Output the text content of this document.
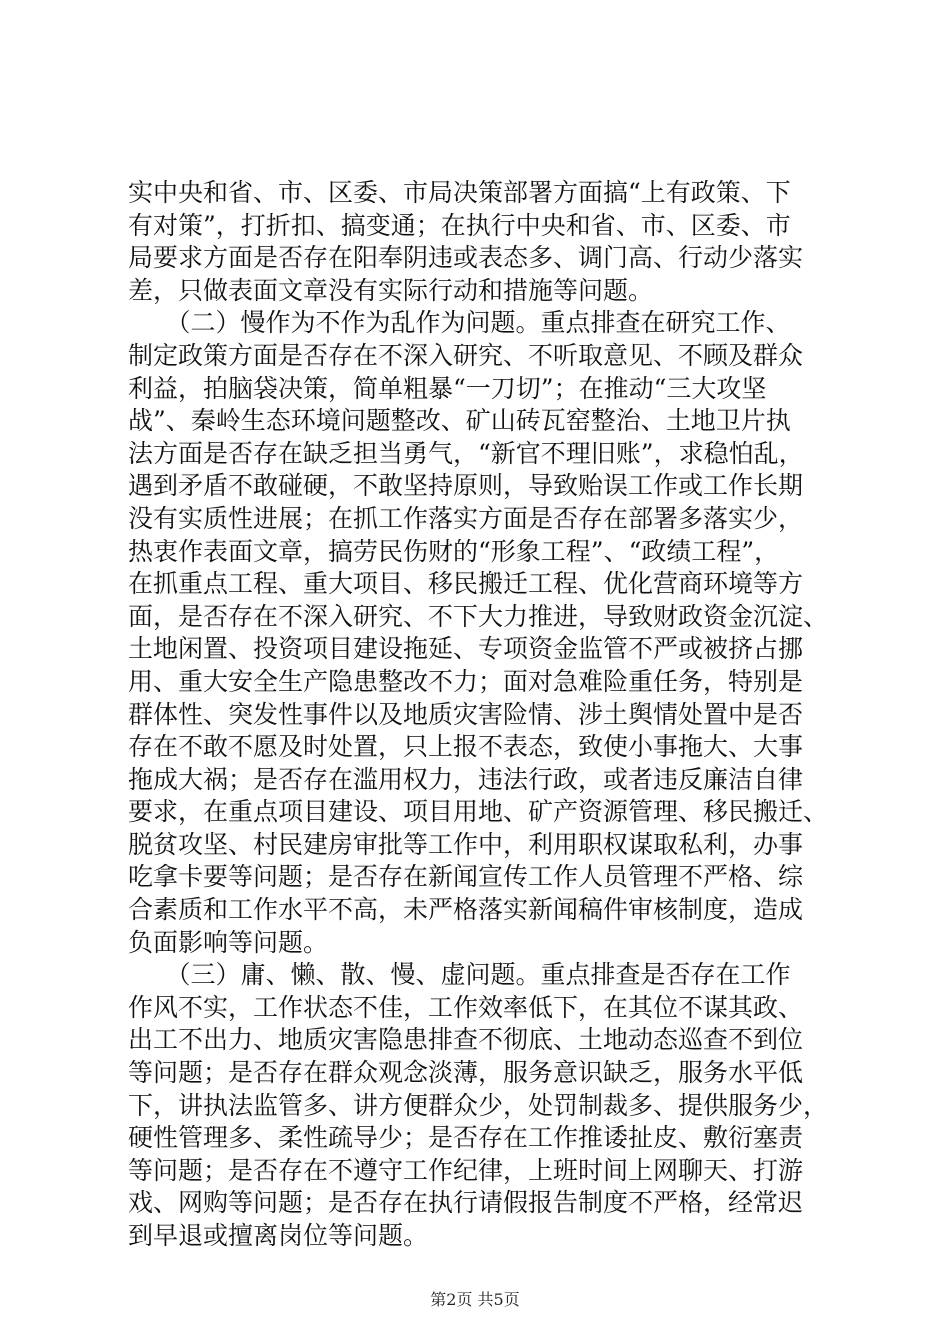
实中央和省、市、区委、市局决策部署方面搞“上有政策、下
有对策”，打折扣、搞变通；在执行中央和省、市、区委、市
局要求方面是否存在阳奉阴违或表态多、调门高、行动少落实
差，只做表面文章没有实际行动和措施等问题。
　　（二）慢作为不作为乱作为问题。重点排查在研究工作、
制定政策方面是否存在不深入研究、不听取意见、不顾及群众
利益，拍脑袋决策，简单粗暴“一刀切”；在推动“三大攻坚
战”、秦岭生态环境问题整改、矿山砖瓦窑整治、土地卫片执
法方面是否存在缺乏担当勇气，“新官不理旧账”，求稳怕乱，
遇到矛盾不敢碰硬，不敢坚持原则，导致贻误工作或工作长期
没有实质性进展；在抓工作落实方面是否存在部署多落实少，
热衷作表面文章，搞劳民伤财的“形象工程”、“政绩工程”，
在抓重点工程、重大项目、移民搬迁工程、优化营商环境等方
面，是否存在不深入研究、不下大力推进，导致财政资金沉淀、
土地闲置、投资项目建设拖延、专项资金监管不严或被挤占挪
用、重大安全生产隐患整改不力；面对急难险重任务，特别是
群体性、突发性事件以及地质灾害险情、涉土舆情处置中是否
存在不敢不愿及时处置，只上报不表态，致使小事拖大、大事
拖成大祸；是否存在滥用权力，违法行政，或者违反廉洁自律
要求，在重点项目建设、项目用地、矿产资源管理、移民搬迁、
脱贫攻坚、村民建房审批等工作中，利用职权谋取私利，办事
吃拿卡要等问题；是否存在新闻宣传工作人员管理不严格、综
合素质和工作水平不高，未严格落实新闻稿件审核制度，造成
负面影响等问题。
　　（三）庸、懒、散、慢、虚问题。重点排查是否存在工作
作风不实，工作状态不佳，工作效率低下，在其位不谋其政、
出工不出力、地质灾害隐患排查不彻底、土地动态巡查不到位
等问题；是否存在群众观念淡薄，服务意识缺乏，服务水平低
下，讲执法监管多、讲方便群众少，处罚制裁多、提供服务少，
硬性管理多、柔性疏导少；是否存在工作推诿扯皮、敷衍塞责
等问题；是否存在不遵守工作纪律，上班时间上网聊天、打游
戏、网购等问题；是否存在执行请假报告制度不严格，经常迟
到早退或擅离岗位等问题。
第2页 共5页
